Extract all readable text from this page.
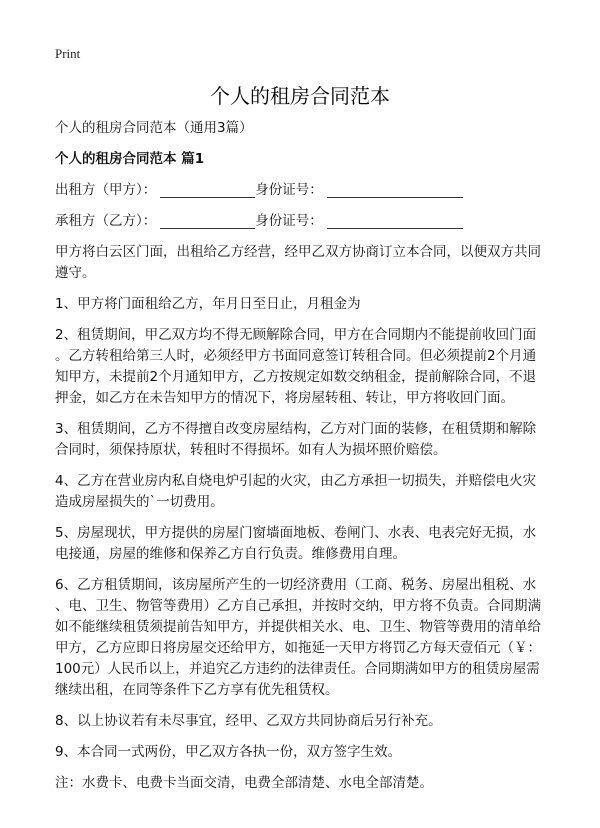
Print
个人的租房合同范本
个人的租房合同范本（通用3篇）
个人的租房合同范本 篇1
出租方（甲方）：	身份证号：
承租方（乙方）：	身份证号：
甲方将白云区门面，出租给乙方经营，经甲乙双方协商订立本合同，以便双方共同
遵守。
1、甲方将门面租给乙方，年月日至日止，月租金为
2、租赁期间，甲乙双方均不得无顾解除合同，甲方在合同期内不能提前收回门面
。乙方转租给第三人时，必须经甲方书面同意签订转租合同。但必须提前2个月通
知甲方，未提前2个月通知甲方，乙方按规定如数交纳租金，提前解除合同，不退
押金，如乙方在未告知甲方的情况下，将房屋转租、转让，甲方将收回门面。
3、租赁期间，乙方不得擅自改变房屋结构，乙方对门面的装修，在租赁期和解除
合同时，须保持原状，转租时不得损坏。如有人为损坏照价赔偿。
4、乙方在营业房内私自烧电炉引起的火灾，由乙方承担一切损失，并赔偿电火灾
造成房屋损失的`一切费用。
5、房屋现状，甲方提供的房屋门窗墙面地板、卷闸门、水表、电表完好无损，水
电接通，房屋的维修和保养乙方自行负责。维修费用自理。
6、乙方租赁期间，该房屋所产生的一切经济费用（工商、税务、房屋出租税、水
、电、卫生、物管等费用）乙方自己承担，并按时交纳，甲方将不负责。合同期满
如不能继续租赁须提前告知甲方，并提供相关水、电、卫生、物管等费用的清单给
甲方，乙方应即日将房屋交还给甲方，如拖延一天甲方将罚乙方每天壹佰元（￥：
100元）人民币以上，并追究乙方违约的法律责任。合同期满如甲方的租赁房屋需
继续出租，在同等条件下乙方享有优先租赁权。
8、以上协议若有未尽事宜，经甲、乙双方共同协商后另行补充。
9、本合同一式两份，甲乙双方各执一份，双方签字生效。
注：水费卡、电费卡当面交清，电费全部清楚、水电全部清楚。
